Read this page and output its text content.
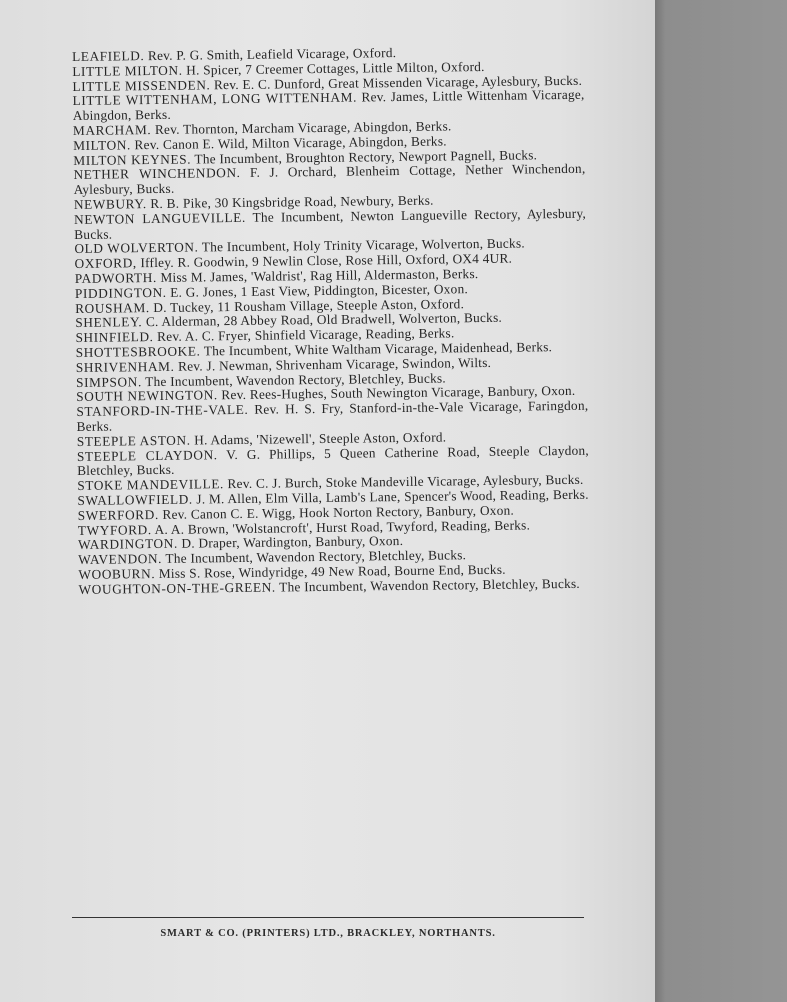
LEAFIELD. Rev. P. G. Smith, Leafield Vicarage, Oxford.
LITTLE MILTON. H. Spicer, 7 Creemer Cottages, Little Milton, Oxford.
LITTLE MISSENDEN. Rev. E. C. Dunford, Great Missenden Vicarage, Aylesbury, Bucks.
LITTLE WITTENHAM, LONG WITTENHAM. Rev. James, Little Wittenham Vicarage, Abingdon, Berks.
MARCHAM. Rev. Thornton, Marcham Vicarage, Abingdon, Berks.
MILTON. Rev. Canon E. Wild, Milton Vicarage, Abingdon, Berks.
MILTON KEYNES. The Incumbent, Broughton Rectory, Newport Pagnell, Bucks.
NETHER WINCHENDON. F. J. Orchard, Blenheim Cottage, Nether Winchendon, Aylesbury, Bucks.
NEWBURY. R. B. Pike, 30 Kingsbridge Road, Newbury, Berks.
NEWTON LANGUEVILLE. The Incumbent, Newton Langueville Rectory, Aylesbury, Bucks.
OLD WOLVERTON. The Incumbent, Holy Trinity Vicarage, Wolverton, Bucks.
OXFORD, Iffley. R. Goodwin, 9 Newlin Close, Rose Hill, Oxford, OX4 4UR.
PADWORTH. Miss M. James, 'Waldrist', Rag Hill, Aldermaston, Berks.
PIDDINGTON. E. G. Jones, 1 East View, Piddington, Bicester, Oxon.
ROUSHAM. D. Tuckey, 11 Rousham Village, Steeple Aston, Oxford.
SHENLEY. C. Alderman, 28 Abbey Road, Old Bradwell, Wolverton, Bucks.
SHINFIELD. Rev. A. C. Fryer, Shinfield Vicarage, Reading, Berks.
SHOTTESBROOKE. The Incumbent, White Waltham Vicarage, Maidenhead, Berks.
SHRIVENHAM. Rev. J. Newman, Shrivenham Vicarage, Swindon, Wilts.
SIMPSON. The Incumbent, Wavendon Rectory, Bletchley, Bucks.
SOUTH NEWINGTON. Rev. Rees-Hughes, South Newington Vicarage, Banbury, Oxon.
STANFORD-IN-THE-VALE. Rev. H. S. Fry, Stanford-in-the-Vale Vicarage, Faringdon, Berks.
STEEPLE ASTON. H. Adams, 'Nizewell', Steeple Aston, Oxford.
STEEPLE CLAYDON. V. G. Phillips, 5 Queen Catherine Road, Steeple Claydon, Bletchley, Bucks.
STOKE MANDEVILLE. Rev. C. J. Burch, Stoke Mandeville Vicarage, Aylesbury, Bucks.
SWALLOWFIELD. J. M. Allen, Elm Villa, Lamb's Lane, Spencer's Wood, Reading, Berks.
SWERFORD. Rev. Canon C. E. Wigg, Hook Norton Rectory, Banbury, Oxon.
TWYFORD. A. A. Brown, 'Wolstancroft', Hurst Road, Twyford, Reading, Berks.
WARDINGTON. D. Draper, Wardington, Banbury, Oxon.
WAVENDON. The Incumbent, Wavendon Rectory, Bletchley, Bucks.
WOOBURN. Miss S. Rose, Windyridge, 49 New Road, Bourne End, Bucks.
WOUGHTON-ON-THE-GREEN. The Incumbent, Wavendon Rectory, Bletchley, Bucks.
SMART & CO. (PRINTERS) LTD., BRACKLEY, NORTHANTS.
